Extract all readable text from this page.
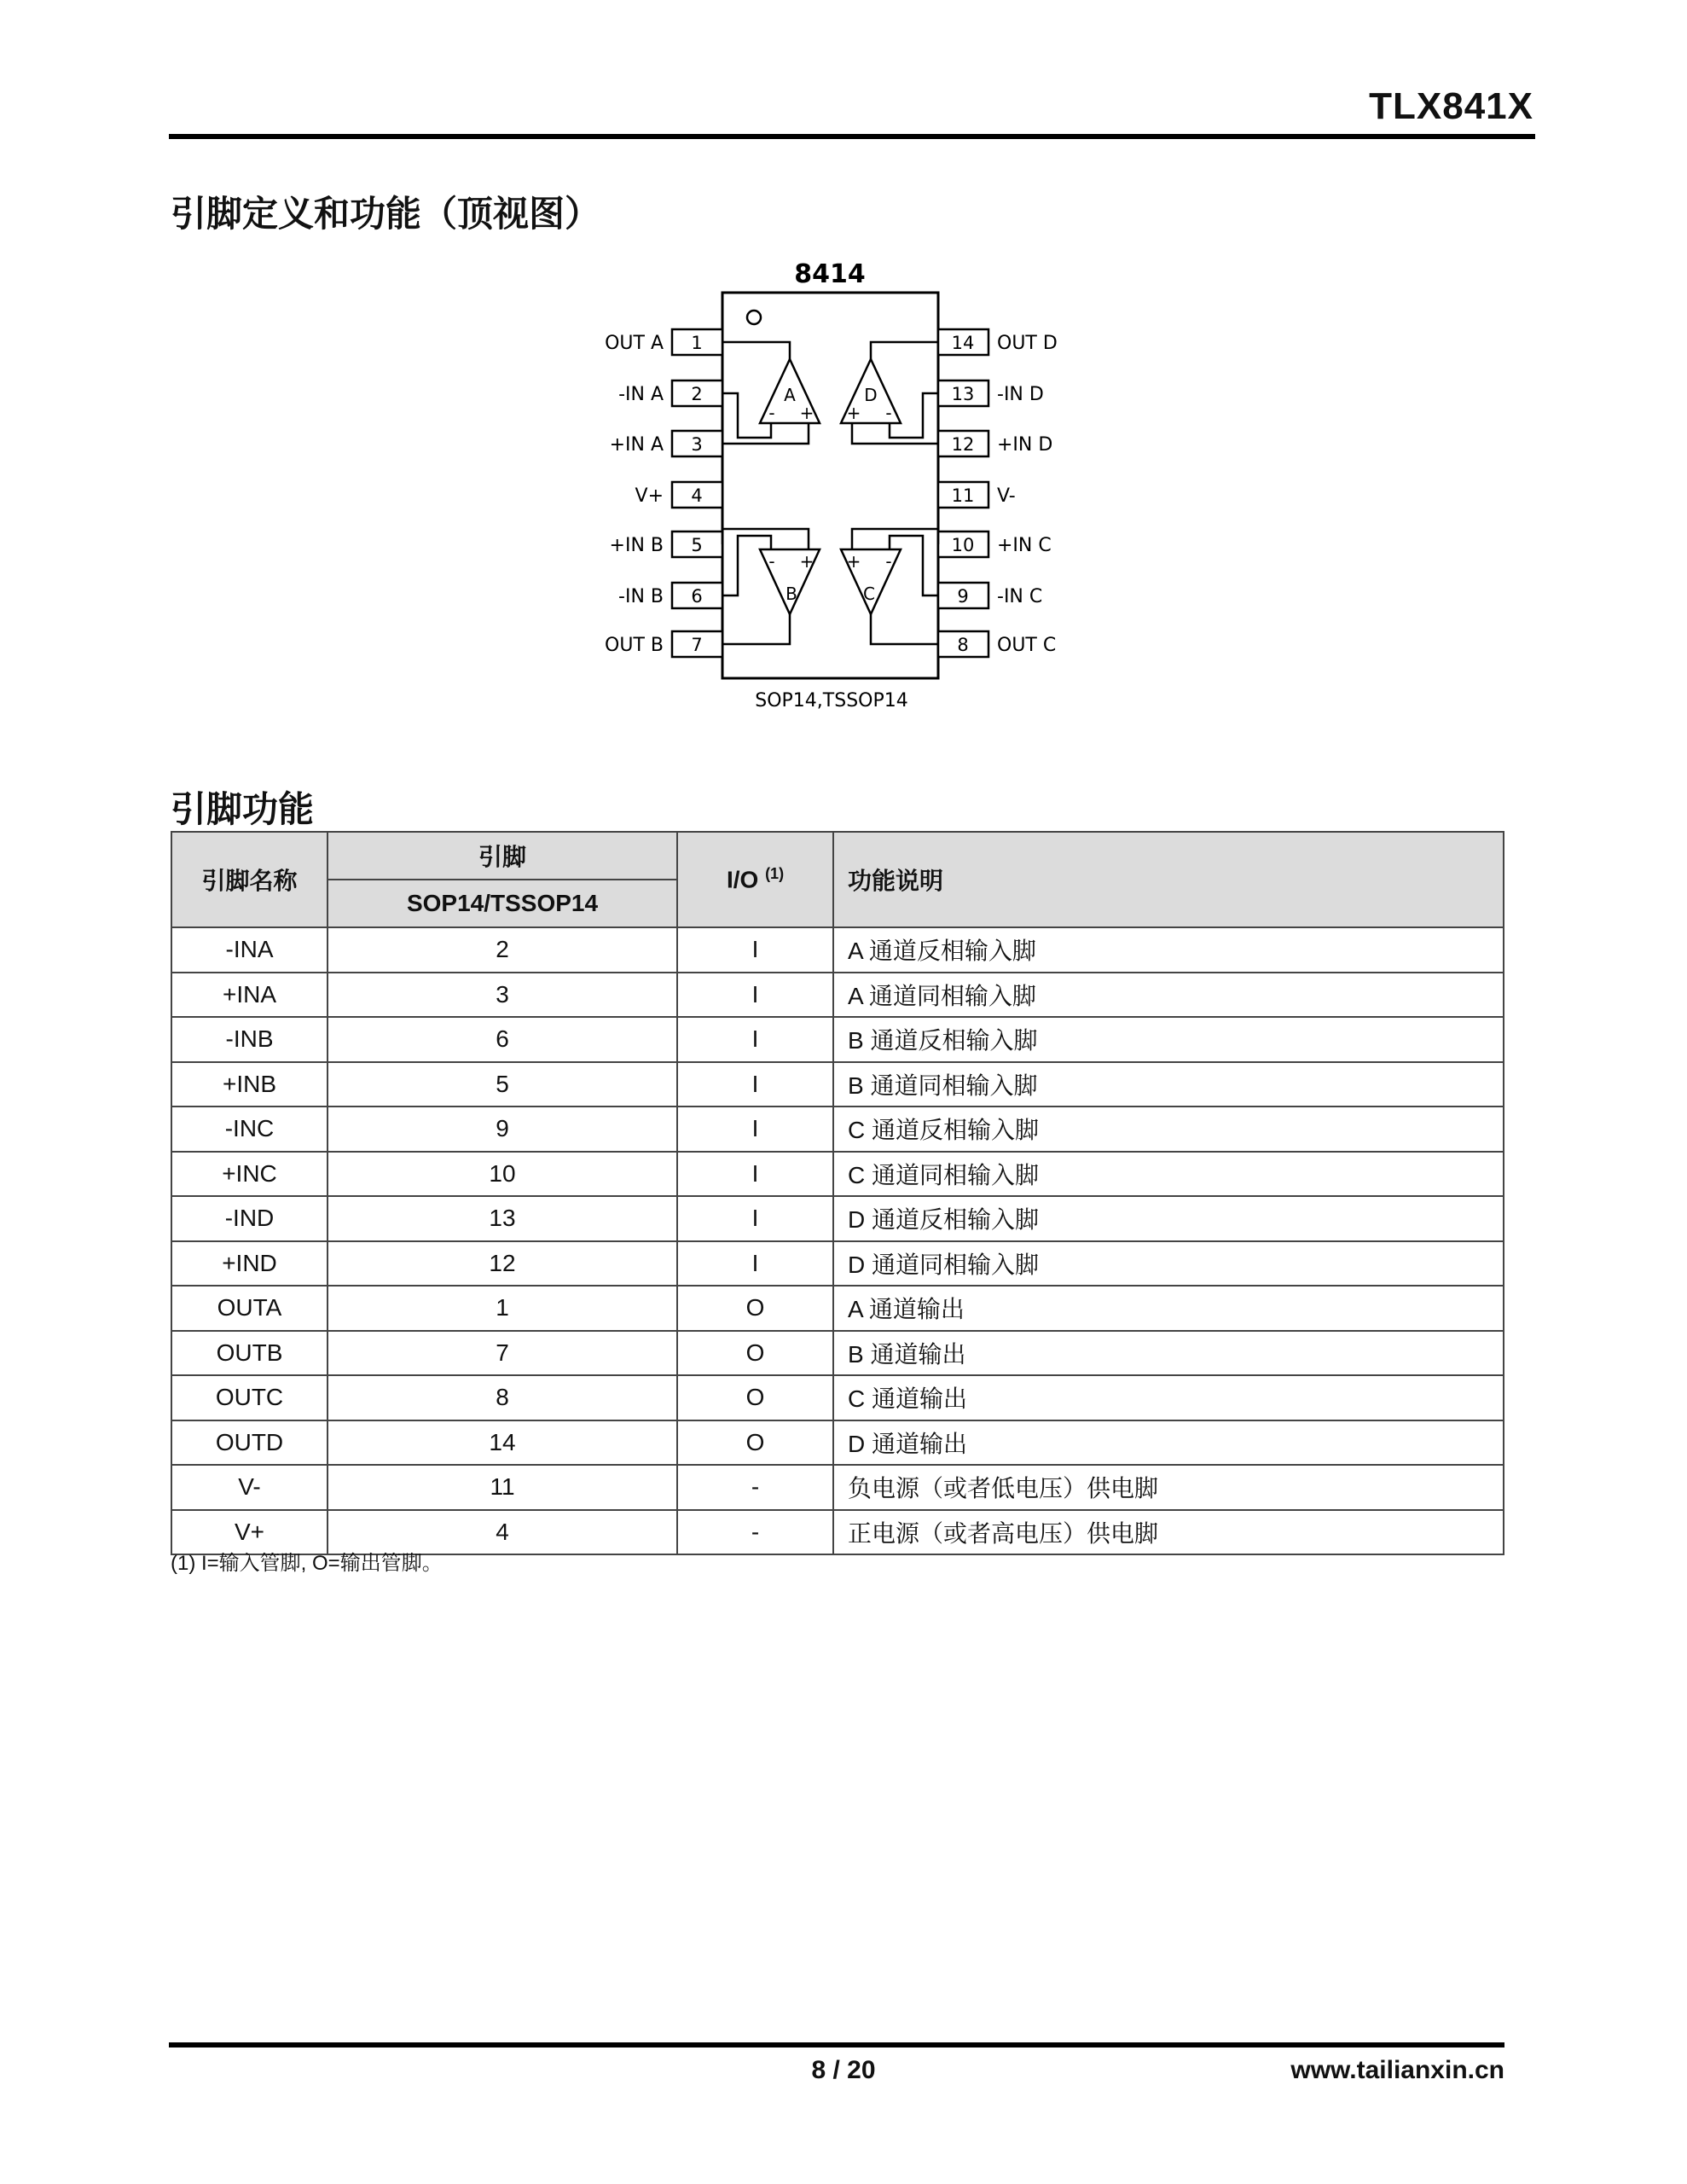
TLX841X
引脚定义和功能（顶视图）
8414
1
2
3
4
5
6
7
OUT A
-IN A
+IN A
V+
+IN B
-IN B
OUT B
14
13
12
11
10
9
8
OUT D
-IN D
+IN D
V-
+IN C
-IN C
OUT C
A
- +
D
+ -
B
- +
C
+ -
SOP14,TSSOP14
引脚功能
引脚名称	引脚	I/O $^{(1)}$	功能说明
	SOP14/TSSOP14		
-INA	2	I	A 通道反相输入脚
+INA	3	I	A 通道同相输入脚
-INB	6	I	B 通道反相输入脚
+INB	5	I	B 通道同相输入脚
-INC	9	I	C 通道反相输入脚
+INC	10	I	C 通道同相输入脚
-IND	13	I	D 通道反相输入脚
+IND	12	I	D 通道同相输入脚
OUTA	1	O	A 通道输出
OUTB	7	O	B 通道输出
OUTC	8	O	C 通道输出
OUTD	14	O	D 通道输出
V-	11	-	负电源（或者低电压）供电脚
V+	4	-	正电源（或者高电压）供电脚
(1) I=输入管脚, O=输出管脚。
8 / 20	www.tailianxin.cn
